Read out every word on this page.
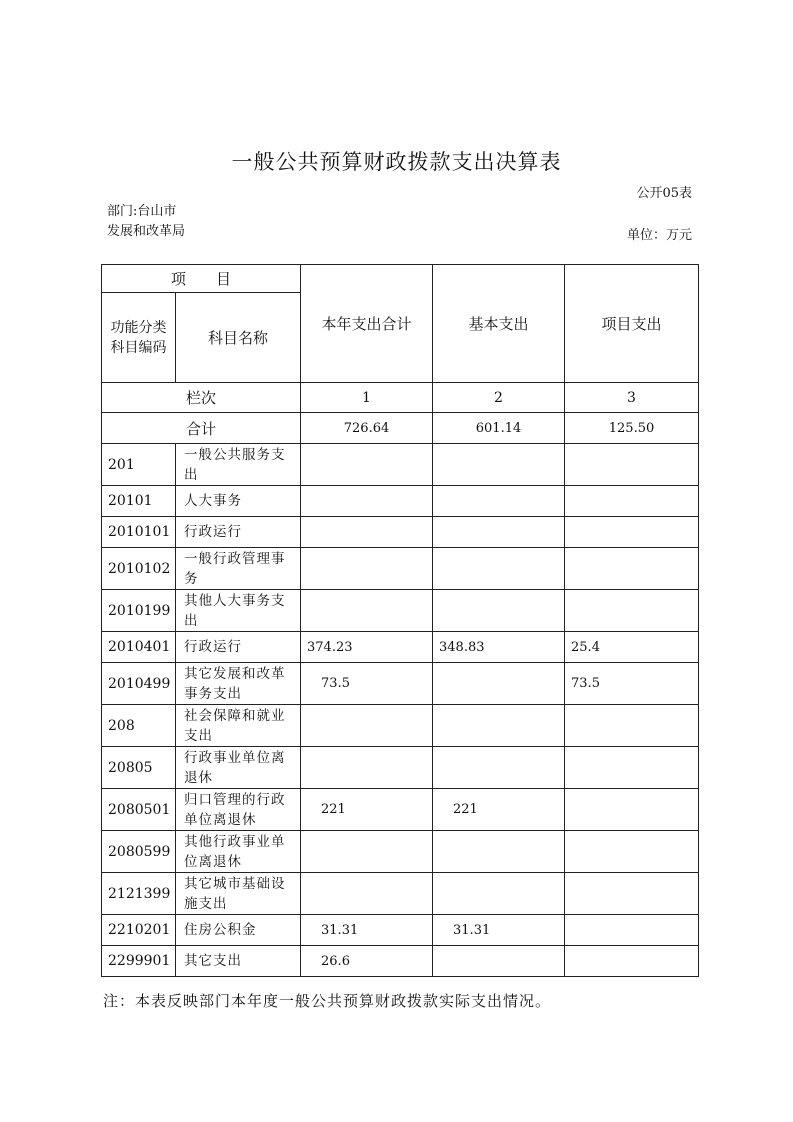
一般公共预算财政拨款支出决算表
公开05表
部门:台山市发展和改革局	单位：万元
项　　目		本年支出合计	基本支出	项目支出
功能分类科目编码	科目名称			
栏次		1	2	3
合计		726.64	601.14	125.50
201	一般公共服务支出			
20101	人大事务			
2010101	行政运行			
2010102	一般行政管理事务			
2010199	其他人大事务支出			
2010401	行政运行	374.23	348.83	25.4
2010499	其它发展和改革事务支出	73.5		73.5
208	社会保障和就业支出			
20805	行政事业单位离退休			
2080501	归口管理的行政单位离退休	221	221	
2080599	其他行政事业单位离退休			
2121399	其它城市基础设施支出			
2210201	住房公积金	31.31	31.31	
2299901	其它支出	26.6		
注：本表反映部门本年度一般公共预算财政拨款实际支出情况。
